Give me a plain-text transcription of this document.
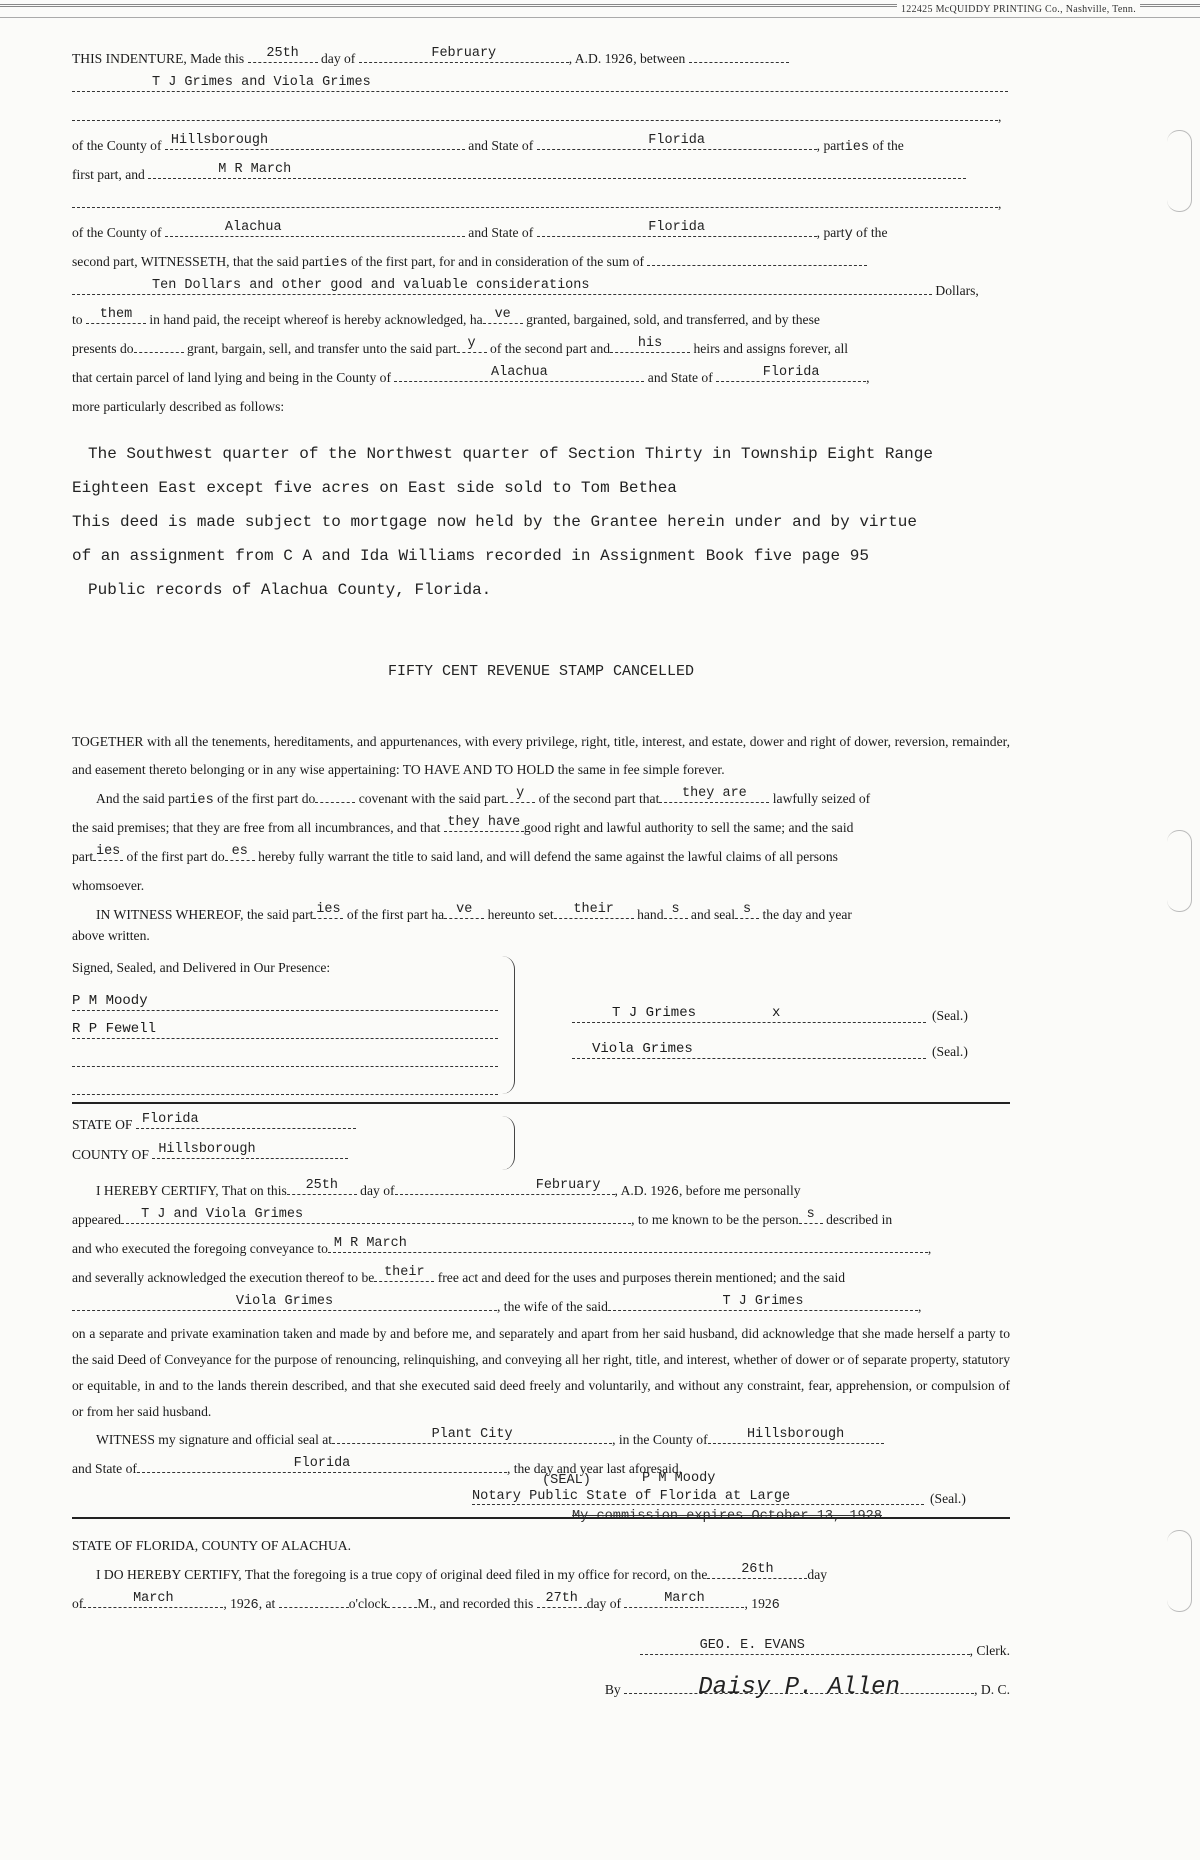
122425 McQUIDDY PRINTING Co., Nashville, Tenn.
THIS INDENTURE, Made this	25th	day of	February	, A.D. 1926, between
T J Grimes and Viola Grimes
,
of the County of Hillsborough	and State of	Florida	, parties of the
first part, and	M R March
,
of the County of	Alachua	and State of	Florida	, party of the
second part, WITNESSETH, that the said parties of the first part, for and in consideration of the sum of
Ten Dollars and other good and valuable considerations	Dollars,
to	them	in hand paid, the receipt whereof is hereby acknowledged, ha ve	granted, bargained, sold, and transferred, and by these
presents do	grant, bargain, sell, and transfer unto the said part y	of the second part and	his	heirs and assigns forever, all
that certain parcel of land lying and being in the County of	Alachua	and State of	Florida	,
more particularly described as follows:

The Southwest quarter of the Northwest quarter of Section Thirty in Township Eight Range

Eighteen East except five acres on East side sold to Tom Bethea

This deed is made subject to mortgage now held by the Grantee herein under and by virtue

of an assignment from C A and Ida Williams recorded in Assignment Book five page 95

Public records of Alachua County, Florida.

FIFTY CENT REVENUE STAMP CANCELLED
TOGETHER with all the tenements, hereditaments, and appurtenances, with every privilege, right, title, interest, and estate, dower and right of dower, reversion, remainder, and easement thereto belonging or in any wise appertaining: TO HAVE AND TO HOLD the same in fee simple forever.
And the said parties of the first part do	covenant with the said part y	of the second part that	they are	lawfully seized of
the said premises; that they are free from all incumbrances, and that they have good right and lawful authority to sell the same; and the said
part ies of the first part do es hereby fully warrant the title to said land, and will defend the same against the lawful claims of all persons
whomsoever.
IN WITNESS WHEREOF, the said part ies of the first part ha ve	hereunto set	their	hand s and seal s the day and year
above written.
Signed, Sealed, and Delivered in Our Presence:
P M Moody
R P Fewell
T J Grimes	x	(Seal.)
Viola Grimes	(Seal.)
STATE OF Florida
COUNTY OF Hillsborough
I HEREBY CERTIFY, That on this	25th	day of	February	, A.D. 1926, before me personally
appeared	T J and Viola Grimes	, to me known to be the person s described in
and who executed the foregoing conveyance to M R March	,
and severally acknowledged the execution thereof to be their free act and deed for the uses and purposes therein mentioned; and the said
Viola Grimes	, the wife of the said	T J Grimes	,
on a separate and private examination taken and made by and before me, and separately and apart from her said husband, did acknowledge that she made herself a party to the said Deed of Conveyance for the purpose of renouncing, relinquishing, and conveying all her right, title, and interest, whether of dower or of separate property, statutory or equitable, in and to the lands therein described, and that she executed said deed freely and voluntarily, and without any constraint, fear, apprehension, or compulsion of or from her said husband.
WITNESS my signature and official seal at	Plant City	, in the County of	Hillsborough
and State of	Florida	, the day and year last aforesaid.
(SEAL)	P M Moody
Notary Public State of Florida at Large	(Seal.)
My commission expires October 13, 1928
STATE OF FLORIDA, COUNTY OF ALACHUA.
I DO HEREBY CERTIFY, That the foregoing is a true copy of original deed filed in my office for record, on the	26th	day
of	March	, 1926, at	o'clock M., and recorded this 27th day of	March	, 1926
GEO. E. EVANS	, Clerk.
By	Daisy P. Allen	, D. C.
